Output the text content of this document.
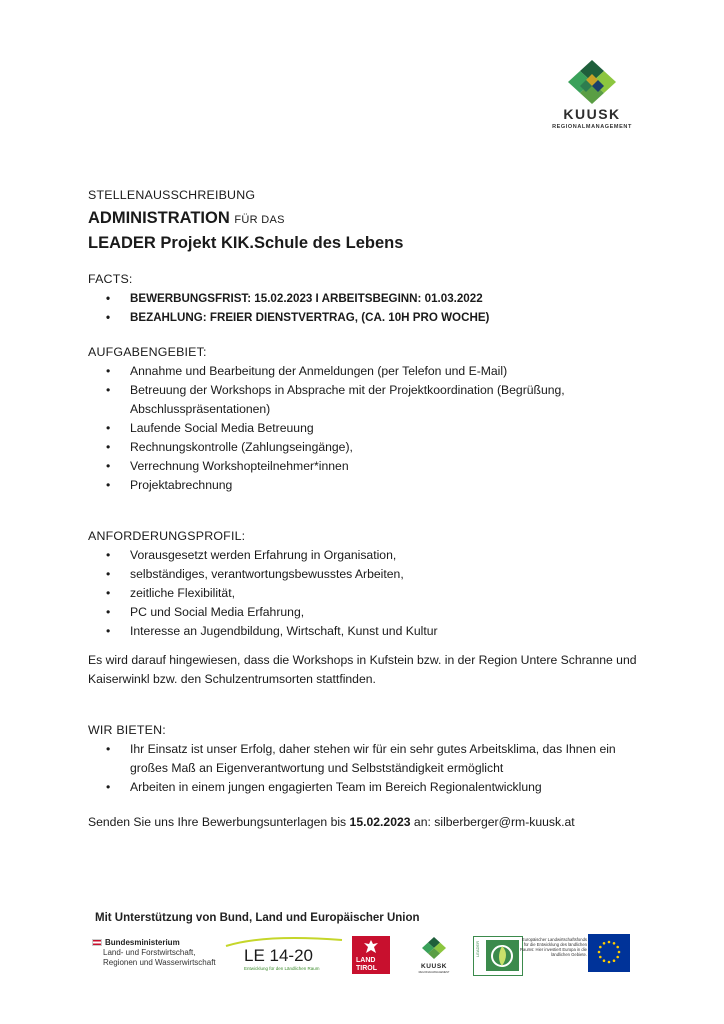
KUUSK
REGIONALMANAGEMENT

STELLENAUSSCHREIBUNG

ADMINISTRATION FÜR DAS

LEADER Projekt KIK.Schule des Lebens

FACTS:

• BEWERBUNGSFRIST: 15.02.2023 I ARBEITSBEGINN: 01.03.2022
• BEZAHLUNG: FREIER DIENSTVERTRAG, (CA. 10H PRO WOCHE)

AUFGABENGEBIET:

• Annahme und Bearbeitung der Anmeldungen (per Telefon und E-Mail)
• Betreuung der Workshops in Absprache mit der Projektkoordination (Begrüßung, Abschlusspräsentationen)
• Laufende Social Media Betreuung
• Rechnungskontrolle (Zahlungseingänge),
• Verrechnung Workshopteilnehmer*innen
• Projektabrechnung

ANFORDERUNGSPROFIL:

• Vorausgesetzt werden Erfahrung in Organisation,
• selbständiges, verantwortungsbewusstes Arbeiten,
• zeitliche Flexibilität,
• PC und Social Media Erfahrung,
• Interesse an Jugendbildung, Wirtschaft, Kunst und Kultur

Es wird darauf hingewiesen, dass die Workshops in Kufstein bzw. in der Region Untere Schranne und Kaiserwinkl bzw. den Schulzentrumsorten stattfinden.

WIR BIETEN:

• Ihr Einsatz ist unser Erfolg, daher stehen wir für ein sehr gutes Arbeitsklima, das Ihnen ein großes Maß an Eigenverantwortung und Selbstständigkeit ermöglicht
• Arbeiten in einem jungen engagierten Team im Bereich Regionalentwicklung

Senden Sie uns Ihre Bewerbungsunterlagen bis 15.02.2023 an: silberberger@rm-kuusk.at

Mit Unterstützung von Bund, Land und Europäischer Union
Bundesministerium
Land- und Forstwirtschaft,
Regionen und Wasserwirtschaft	LE 14-20
Entwicklung für den Ländlichen Raum
LAND
TIROL	KUUSK
REGIONALMANAGEMENT
LEADER
Europäischer Landwirtschaftsfonds für die Entwicklung des ländlichen Raums: Hier investiert Europa in die ländlichen Gebiete.
